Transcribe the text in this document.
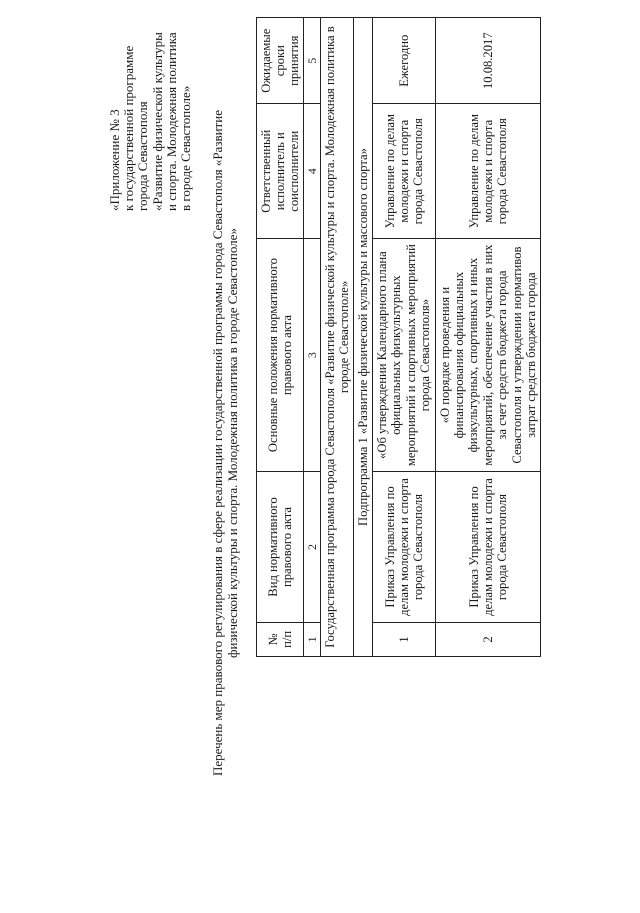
«Приложение № 3 к государственной программе города Севастополя «Развитие физической культуры и спорта. Молодежная политика в городе Севастополе» Перечень мер правового регулирования в сфере реализации государственной программы города Севастополя «Развитие физической культуры и спорта. Молодежная политика в городе Севастополе» № п/п	Вид нормативного правового акта	Основные положения нормативного правового акта	Ответственный исполнитель и соисполнители	Ожидаемые сроки принятия
1	2	3	4	5
Государственная программа города Севастополя «Развитие физической культуры и спорта. Молодежная политика в городе Севастополе»				
Подпрограмма 1 «Развитие физической культуры и массового спорта»				
1	Приказ Управления по делам молодежи и спорта города Севастополя	«Об утверждении Календарного плана официальных физкультурных мероприятий и спортивных мероприятий города Севастополя»	Управление по делам молодежи и спорта города Севастополя	Ежегодно
2	Приказ Управления по делам молодежи и спорта города Севастополя	«О порядке проведения и финансирования официальных физкультурных, спортивных и иных мероприятий, обеспечение участия в них за счет средств бюджета города Севастополя и утверждении нормативов затрат средств бюджета города	Управление по делам молодежи и спорта города Севастополя	10.08.2017
